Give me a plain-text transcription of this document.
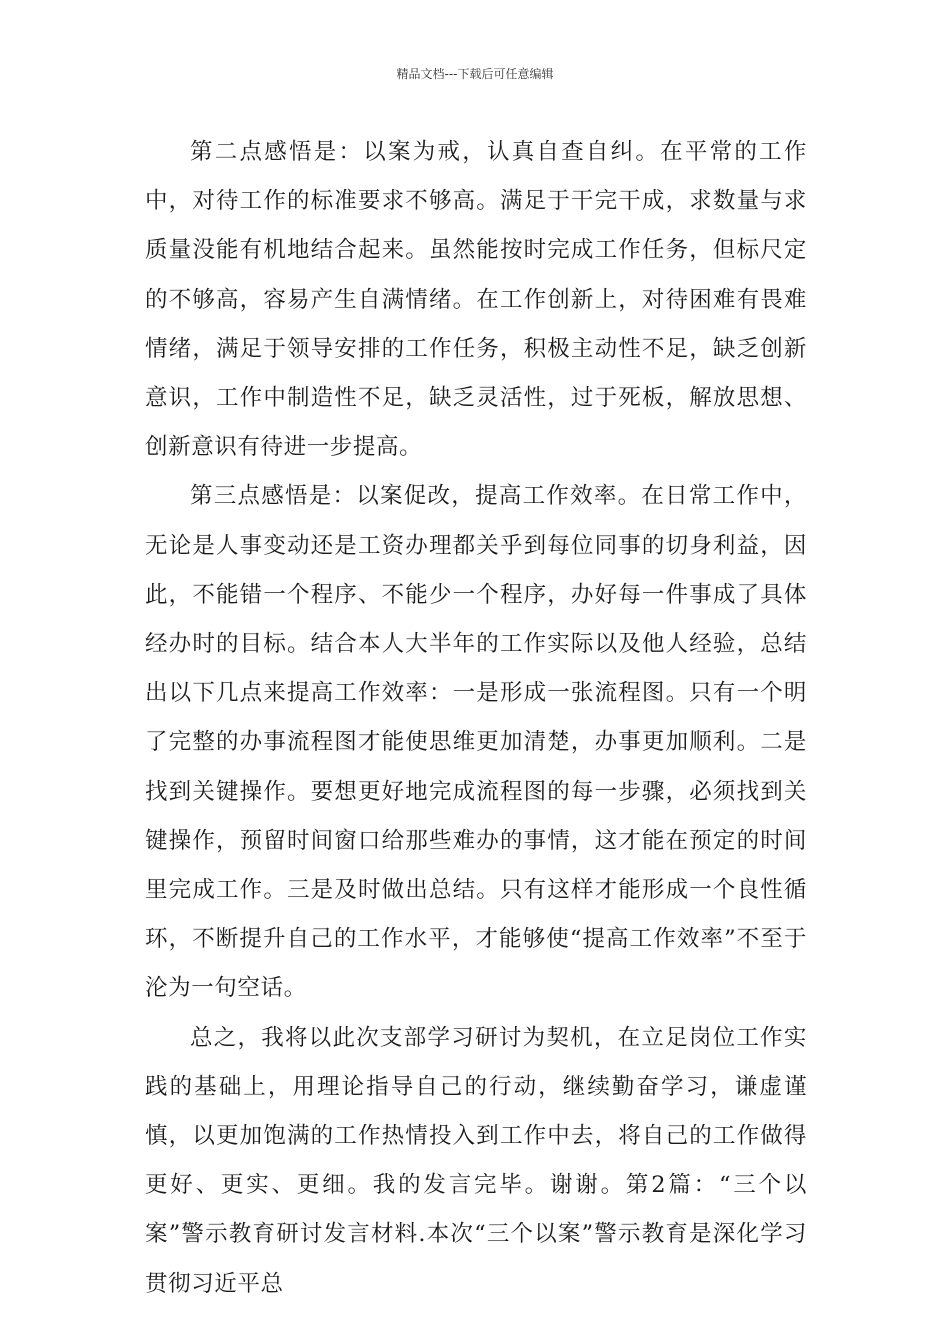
精品文档---下载后可任意编辑

第二点感悟是：以案为戒，认真自查自纠。在平常的工作中，对待工作的标准要求不够高。满足于干完干成，求数量与求质量没能有机地结合起来。虽然能按时完成工作任务，但标尺定的不够高，容易产生自满情绪。在工作创新上，对待困难有畏难情绪，满足于领导安排的工作任务，积极主动性不足，缺乏创新意识，工作中制造性不足，缺乏灵活性，过于死板，解放思想、创新意识有待进一步提高。

第三点感悟是：以案促改，提高工作效率。在日常工作中，无论是人事变动还是工资办理都关乎到每位同事的切身利益，因此，不能错一个程序、不能少一个程序，办好每一件事成了具体经办时的目标。结合本人大半年的工作实际以及他人经验，总结出以下几点来提高工作效率：一是形成一张流程图。只有一个明了完整的办事流程图才能使思维更加清楚，办事更加顺利。二是找到关键操作。要想更好地完成流程图的每一步骤，必须找到关键操作，预留时间窗口给那些难办的事情，这才能在预定的时间里完成工作。三是及时做出总结。只有这样才能形成一个良性循环，不断提升自己的工作水平，才能够使“提高工作效率”不至于沦为一句空话。

总之，我将以此次支部学习研讨为契机，在立足岗位工作实践的基础上，用理论指导自己的行动，继续勤奋学习，谦虚谨慎，以更加饱满的工作热情投入到工作中去，将自己的工作做得更好、更实、更细。我的发言完毕。谢谢。第2篇：“三个以案”警示教育研讨发言材料.本次“三个以案”警示教育是深化学习贯彻习近平总
